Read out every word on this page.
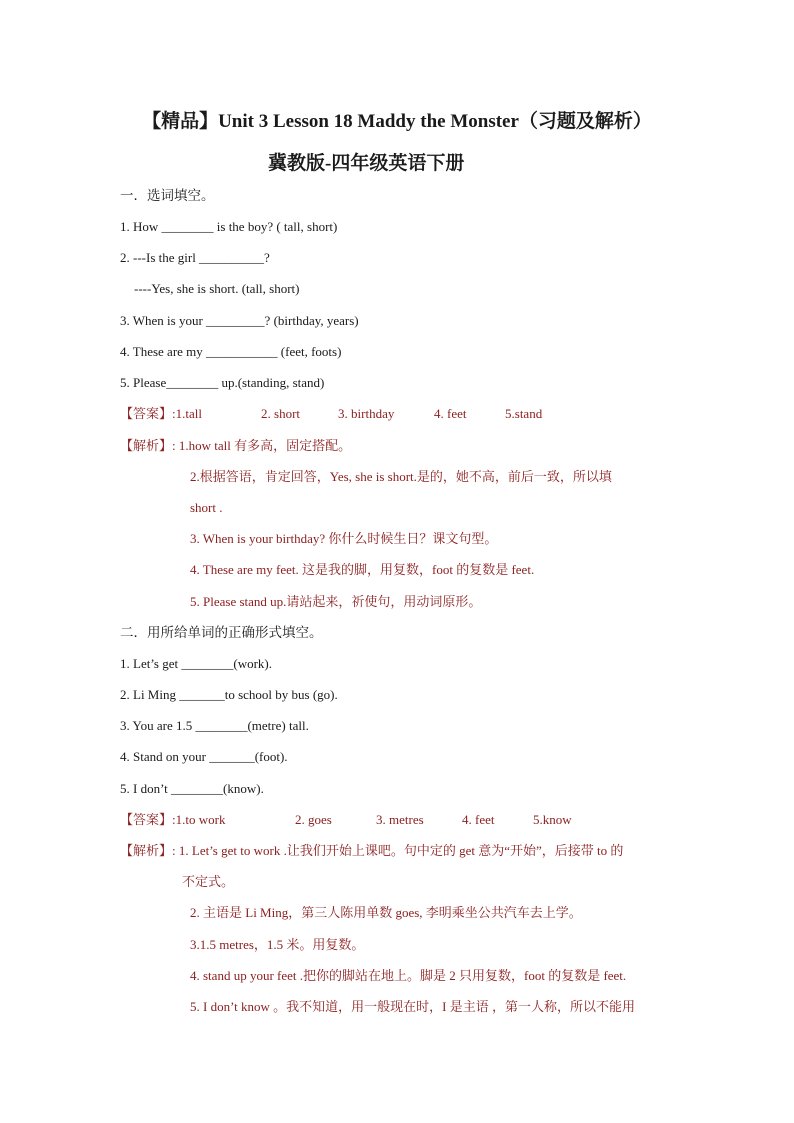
【精品】Unit 3 Lesson 18 Maddy the Monster（习题及解析）
冀教版-四年级英语下册
一．选词填空。
1. How ________ is the boy? ( tall, short)
2. ---Is the girl __________?
----Yes, she is short. (tall, short)
3. When is your _________? (birthday, years)
4. These are my ___________ (feet, foots)
5. Please________ up.(standing, stand)
【答案】:1.tall	2. short	3. birthday	4. feet	5.stand
【解析】: 1.how tall 有多高，固定搭配。
2.根据答语，肯定回答，Yes, she is short.是的，她不高，前后一致，所以填
short .
3. When is your birthday? 你什么时候生日？课文句型。
4. These are my feet. 这是我的脚，用复数，foot 的复数是 feet.
5. Please stand up.请站起来，祈使句，用动词原形。
二．用所给单词的正确形式填空。
1. Let’s get ________(work).
2. Li Ming _______to school by bus (go).
3. You are 1.5 ________(metre) tall.
4. Stand on your _______(foot).
5. I don’t ________(know).
【答案】:1.to work	2. goes	3. metres	4. feet	5.know
【解析】: 1. Let’s get to work .让我们开始上课吧。句中定的 get 意为“开始”，后接带 to 的
不定式。
2. 主语是 Li Ming，第三人陈用单数 goes, 李明乘坐公共汽车去上学。
3.1.5 metres，1.5 米。用复数。
4. stand up your feet .把你的脚站在地上。脚是 2 只用复数，foot 的复数是 feet.
5. I don’t know 。我不知道，用一般现在时，I 是主语 ，第一人称，所以不能用
